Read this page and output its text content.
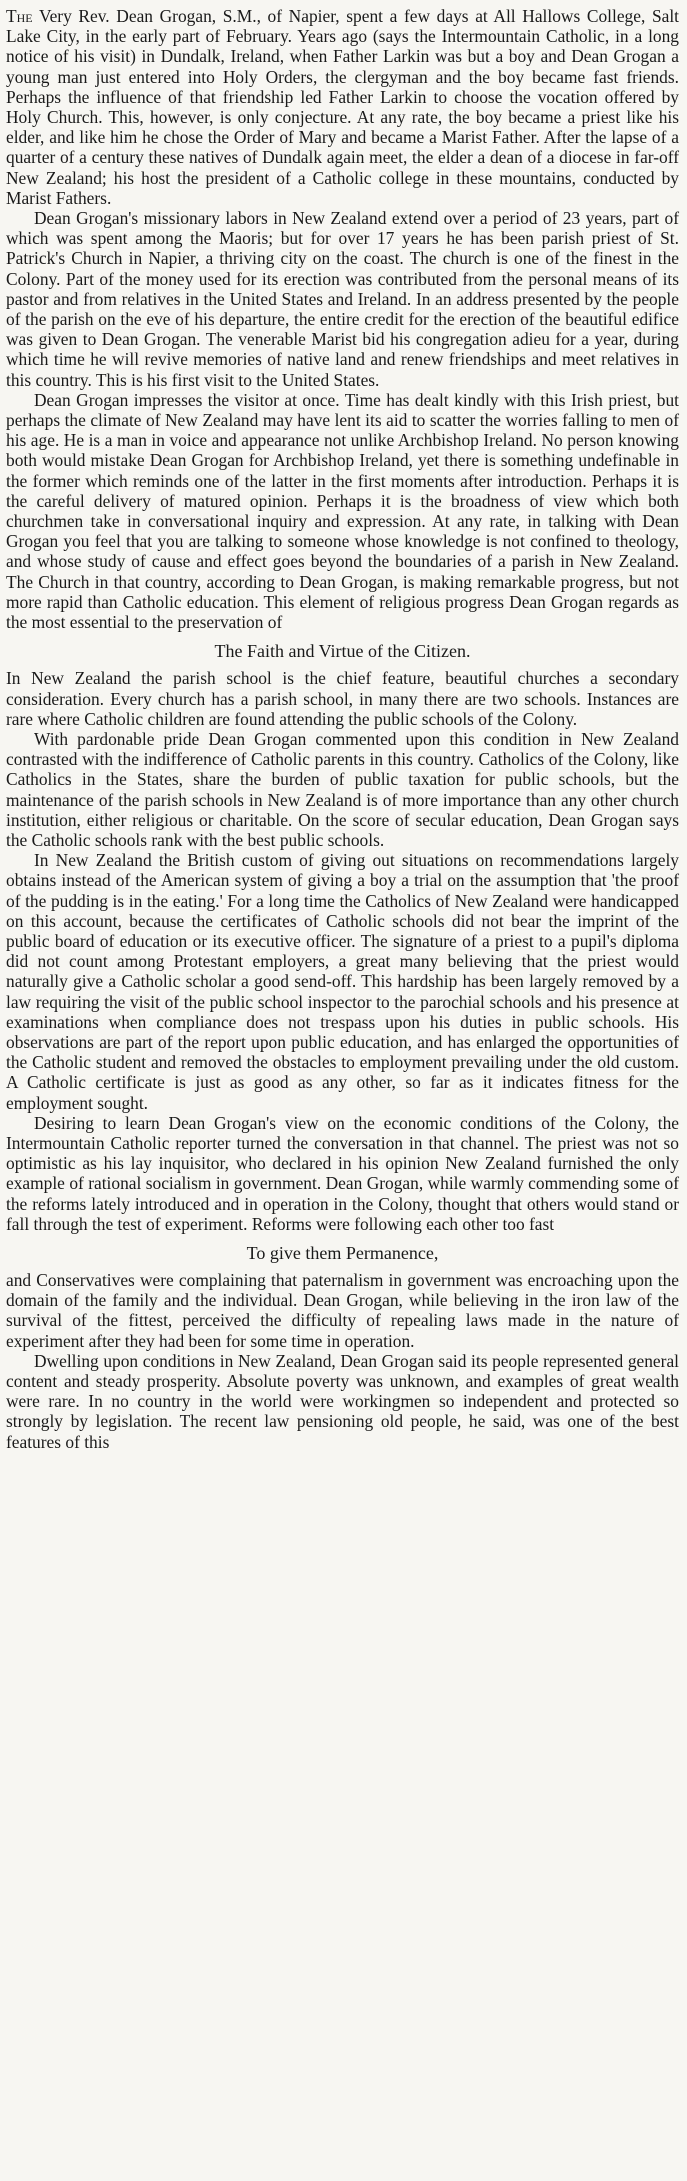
The Very Rev. Dean Grogan, S.M., of Napier, spent a few days at All Hallows College, Salt Lake City, in the early part of February. Years ago (says the Intermountain Catholic, in a long notice of his visit) in Dundalk, Ireland, when Father Larkin was but a boy and Dean Grogan a young man just entered into Holy Orders, the clergyman and the boy became fast friends. Perhaps the influence of that friendship led Father Larkin to choose the vocation offered by Holy Church. This, however, is only conjecture. At any rate, the boy became a priest like his elder, and like him he chose the Order of Mary and became a Marist Father. After the lapse of a quarter of a century these natives of Dundalk again meet, the elder a dean of a diocese in far-off New Zealand; his host the president of a Catholic college in these mountains, conducted by Marist Fathers.

Dean Grogan's missionary labors in New Zealand extend over a period of 23 years, part of which was spent among the Maoris; but for over 17 years he has been parish priest of St. Patrick's Church in Napier, a thriving city on the coast. The church is one of the finest in the Colony. Part of the money used for its erection was contributed from the personal means of its pastor and from relatives in the United States and Ireland. In an address presented by the people of the parish on the eve of his departure, the entire credit for the erection of the beautiful edifice was given to Dean Grogan. The venerable Marist bid his congregation adieu for a year, during which time he will revive memories of native land and renew friendships and meet relatives in this country. This is his first visit to the United States.

Dean Grogan impresses the visitor at once. Time has dealt kindly with this Irish priest, but perhaps the climate of New Zealand may have lent its aid to scatter the worries falling to men of his age. He is a man in voice and appearance not unlike Archbishop Ireland. No person knowing both would mistake Dean Grogan for Archbishop Ireland, yet there is something undefinable in the former which reminds one of the latter in the first moments after introduction. Perhaps it is the careful delivery of matured opinion. Perhaps it is the broadness of view which both churchmen take in conversational inquiry and expression. At any rate, in talking with Dean Grogan you feel that you are talking to someone whose knowledge is not confined to theology, and whose study of cause and effect goes beyond the boundaries of a parish in New Zealand. The Church in that country, according to Dean Grogan, is making remarkable progress, but not more rapid than Catholic education. This element of religious progress Dean Grogan regards as the most essential to the preservation of

The Faith and Virtue of the Citizen.

In New Zealand the parish school is the chief feature, beautiful churches a secondary consideration. Every church has a parish school, in many there are two schools. Instances are rare where Catholic children are found attending the public schools of the Colony.

With pardonable pride Dean Grogan commented upon this condition in New Zealand contrasted with the indifference of Catholic parents in this country. Catholics of the Colony, like Catholics in the States, share the burden of public taxation for public schools, but the maintenance of the parish schools in New Zealand is of more importance than any other church institution, either religious or charitable. On the score of secular education, Dean Grogan says the Catholic schools rank with the best public schools.

In New Zealand the British custom of giving out situations on recommendations largely obtains instead of the American system of giving a boy a trial on the assumption that 'the proof of the pudding is in the eating.' For a long time the Catholics of New Zealand were handicapped on this account, because the certificates of Catholic schools did not bear the imprint of the public board of education or its executive officer. The signature of a priest to a pupil's diploma did not count among Protestant employers, a great many believing that the priest would naturally give a Catholic scholar a good send-off. This hardship has been largely removed by a law requiring the visit of the public school inspector to the parochial schools and his presence at examinations when compliance does not trespass upon his duties in public schools. His observations are part of the report upon public education, and has enlarged the opportunities of the Catholic student and removed the obstacles to employment prevailing under the old custom. A Catholic certificate is just as good as any other, so far as it indicates fitness for the employment sought.

Desiring to learn Dean Grogan's view on the economic conditions of the Colony, the Intermountain Catholic reporter turned the conversation in that channel. The priest was not so optimistic as his lay inquisitor, who declared in his opinion New Zealand furnished the only example of rational socialism in government. Dean Grogan, while warmly commending some of the reforms lately introduced and in operation in the Colony, thought that others would stand or fall through the test of experiment. Reforms were following each other too fast

To give them Permanence,

and Conservatives were complaining that paternalism in government was encroaching upon the domain of the family and the individual. Dean Grogan, while believing in the iron law of the survival of the fittest, perceived the difficulty of repealing laws made in the nature of experiment after they had been for some time in operation.

Dwelling upon conditions in New Zealand, Dean Grogan said its people represented general content and steady prosperity. Absolute poverty was unknown, and examples of great wealth were rare. In no country in the world were workingmen so independent and protected so strongly by legislation. The recent law pensioning old people, he said, was one of the best features of this
